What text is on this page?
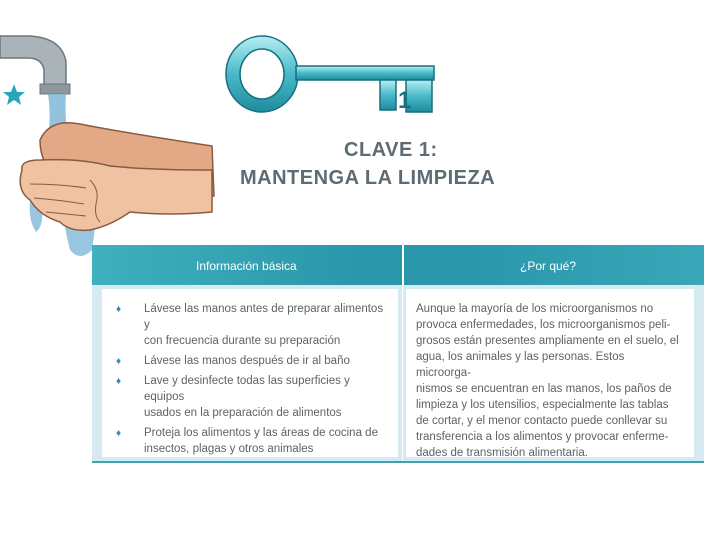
1
CLAVE 1:
MANTENGA LA LIMPIEZA
Información básica	¿Por qué?
♦ Lávese las manos antes de preparar alimentos y
con frecuencia durante su preparación
♦ Lávese las manos después de ir al baño
♦ Lave y desinfecte todas las superficies y equipos
usados en la preparación de alimentos
♦ Proteja los alimentos y las áreas de cocina de
insectos, plagas y otros animales
Aunque la mayoría de los microorganismos no
provoca enfermedades, los microorganismos peli-
grosos están presentes ampliamente en el suelo, el
agua, los animales y las personas. Estos microorga-
nismos se encuentran en las manos, los paños de
limpieza y los utensilios, especialmente las tablas
de cortar, y el menor contacto puede conllevar su
transferencia a los alimentos y provocar enferme-
dades de transmisión alimentaria.
